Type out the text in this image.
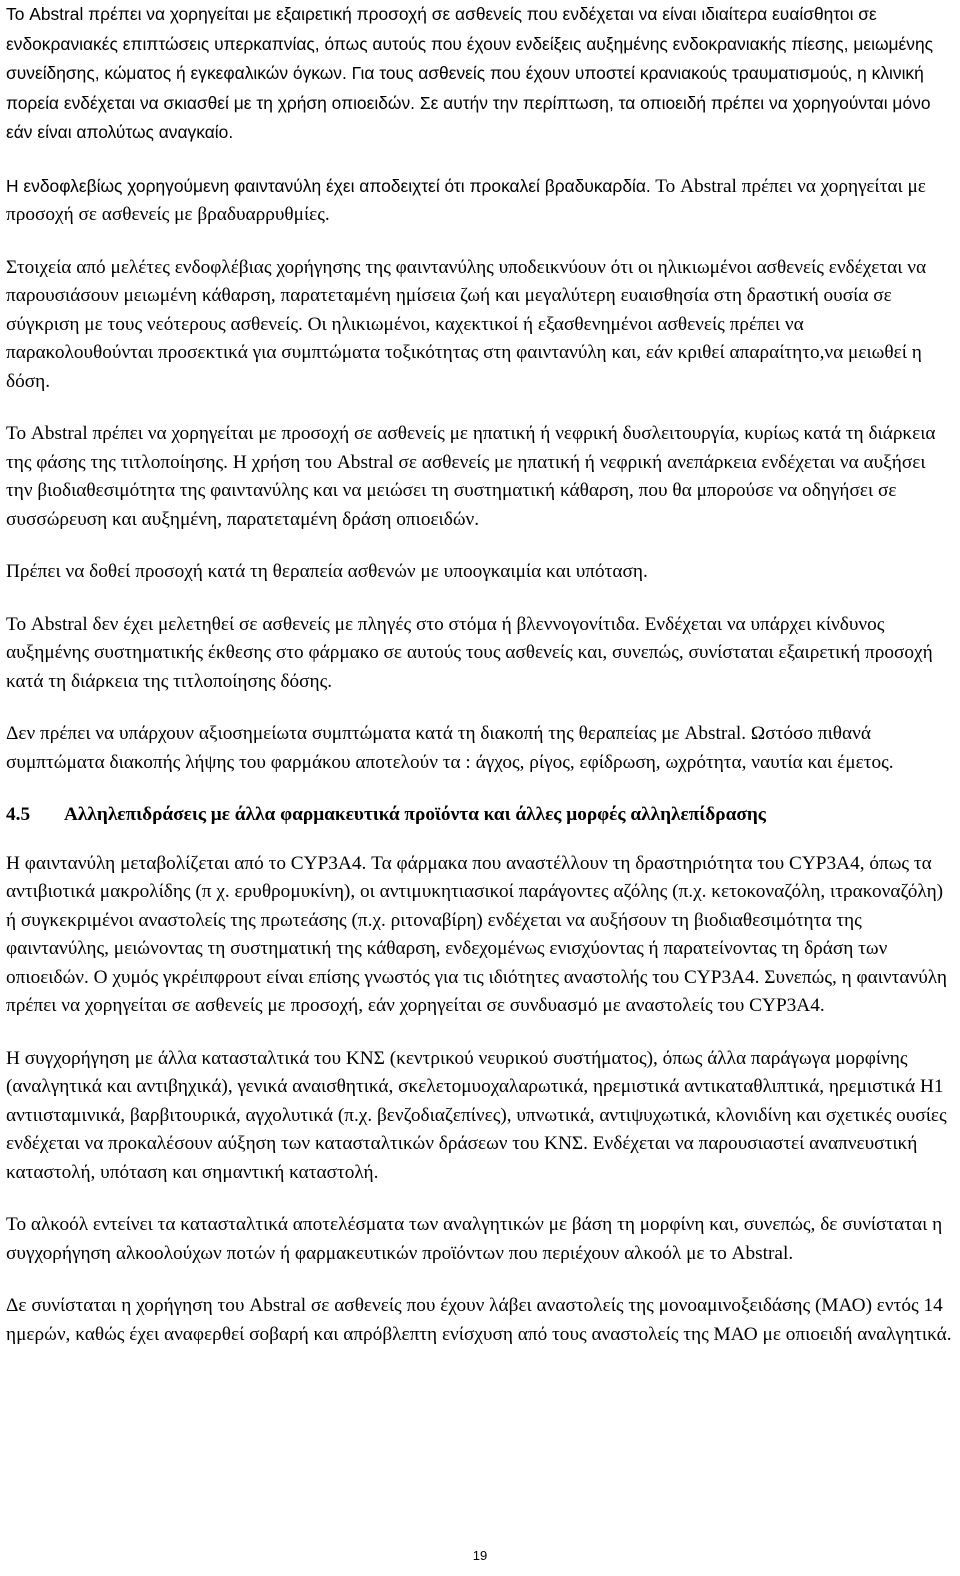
Το Abstral πρέπει να χορηγείται με εξαιρετική προσοχή σε ασθενείς που ενδέχεται να είναι ιδιαίτερα ευαίσθητοι σε ενδοκρανιακές επιπτώσεις υπερκαπνίας, όπως αυτούς που έχουν ενδείξεις αυξημένης ενδοκρανιακής πίεσης, μειωμένης συνείδησης, κώματος ή εγκεφαλικών όγκων. Για τους ασθενείς που έχουν υποστεί κρανιακούς τραυματισμούς, η κλινική πορεία ενδέχεται να σκιασθεί με τη χρήση οπιοειδών. Σε αυτήν την περίπτωση, τα οπιοειδή πρέπει να χορηγούνται μόνο εάν είναι απολύτως αναγκαίο.

Η ενδοφλεβίως χορηγούμενη φαιντανύλη έχει αποδειχτεί ότι προκαλεί βραδυκαρδία. Το Abstral πρέπει να χορηγείται με προσοχή σε ασθενείς με βραδυαρρυθμίες.

Στοιχεία από μελέτες ενδοφλέβιας χορήγησης της φαιντανύλης υποδεικνύουν ότι οι ηλικιωμένοι ασθενείς ενδέχεται να παρουσιάσουν μειωμένη κάθαρση, παρατεταμένη ημίσεια ζωή και μεγαλύτερη ευαισθησία στη δραστική ουσία σε σύγκριση με τους νεότερους ασθενείς. Οι ηλικιωμένοι, καχεκτικοί ή εξασθενημένοι ασθενείς πρέπει να παρακολουθούνται προσεκτικά για συμπτώματα τοξικότητας στη φαιντανύλη και, εάν κριθεί απαραίτητο,να μειωθεί η δόση.

Το Abstral πρέπει να χορηγείται με προσοχή σε ασθενείς με ηπατική ή νεφρική δυσλειτουργία, κυρίως κατά τη διάρκεια της φάσης της τιτλοποίησης. Η χρήση του Abstral σε ασθενείς με ηπατική ή νεφρική ανεπάρκεια ενδέχεται να αυξήσει την βιοδιαθεσιμότητα της φαιντανύλης και να μειώσει τη συστηματική κάθαρση, που θα μπορούσε να οδηγήσει σε συσσώρευση και αυξημένη, παρατεταμένη δράση οπιοειδών.

Πρέπει να δοθεί προσοχή κατά τη θεραπεία ασθενών με υποογκαιμία και υπόταση.

Το Abstral δεν έχει μελετηθεί σε ασθενείς με πληγές στο στόμα ή βλεννογονίτιδα. Ενδέχεται να υπάρχει κίνδυνος αυξημένης συστηματικής έκθεσης στο φάρμακο σε αυτούς τους ασθενείς και, συνεπώς, συνίσταται εξαιρετική προσοχή κατά τη διάρκεια της τιτλοποίησης δόσης.

Δεν πρέπει να υπάρχουν αξιοσημείωτα συμπτώματα κατά τη διακοπή της θεραπείας με Abstral. Ωστόσο πιθανά συμπτώματα διακοπής λήψης του φαρμάκου αποτελούν τα : άγχος, ρίγος, εφίδρωση, ωχρότητα, ναυτία και έμετος.

4.5	Αλληλεπιδράσεις με άλλα φαρμακευτικά προϊόντα και άλλες μορφές αλληλεπίδρασης

Η φαιντανύλη μεταβολίζεται από το CYP3A4. Τα φάρμακα που αναστέλλουν τη δραστηριότητα του CYP3A4, όπως τα αντιβιοτικά μακρολίδης (π χ. ερυθρομυκίνη), οι αντιμυκητιασικοί παράγοντες αζόλης (π.χ. κετοκοναζόλη, ιτρακοναζόλη) ή συγκεκριμένοι αναστολείς της πρωτεάσης (π.χ. ριτοναβίρη) ενδέχεται να αυξήσουν τη βιοδιαθεσιμότητα της φαιντανύλης, μειώνοντας τη συστηματική της κάθαρση, ενδεχομένως ενισχύοντας ή παρατείνοντας τη δράση των οπιοειδών. Ο χυμός γκρέιπφρουτ είναι επίσης γνωστός για τις ιδιότητες αναστολής του CYP3A4. Συνεπώς, η φαιντανύλη πρέπει να χορηγείται σε ασθενείς με προσοχή, εάν χορηγείται σε συνδυασμό με αναστολείς του CYP3A4.

Η συγχορήγηση με άλλα κατασταλτικά του ΚΝΣ (κεντρικού νευρικού συστήματος), όπως άλλα παράγωγα μορφίνης (αναλγητικά και αντιβηχικά), γενικά αναισθητικά, σκελετομυοχαλαρωτικά, ηρεμιστικά αντικαταθλιπτικά, ηρεμιστικά Η1 αντιισταμινικά, βαρβιτουρικά, αγχολυτικά (π.χ. βενζοδιαζεπίνες), υπνωτικά, αντιψυχωτικά, κλονιδίνη και σχετικές ουσίες ενδέχεται να προκαλέσουν αύξηση των κατασταλτικών δράσεων του ΚΝΣ. Ενδέχεται να παρουσιαστεί αναπνευστική καταστολή, υπόταση και σημαντική καταστολή.

Το αλκοόλ εντείνει τα κατασταλτικά αποτελέσματα των αναλγητικών με βάση τη μορφίνη και, συνεπώς, δε συνίσταται η συγχορήγηση αλκοολούχων ποτών ή φαρμακευτικών προϊόντων που περιέχουν αλκοόλ με το Abstral.

Δε συνίσταται η χορήγηση του Abstral σε ασθενείς που έχουν λάβει αναστολείς της μονοαμινοξειδάσης (ΜΑΟ) εντός 14 ημερών, καθώς έχει αναφερθεί σοβαρή και απρόβλεπτη ενίσχυση από τους αναστολείς της ΜΑΟ με οπιοειδή αναλγητικά.

19
